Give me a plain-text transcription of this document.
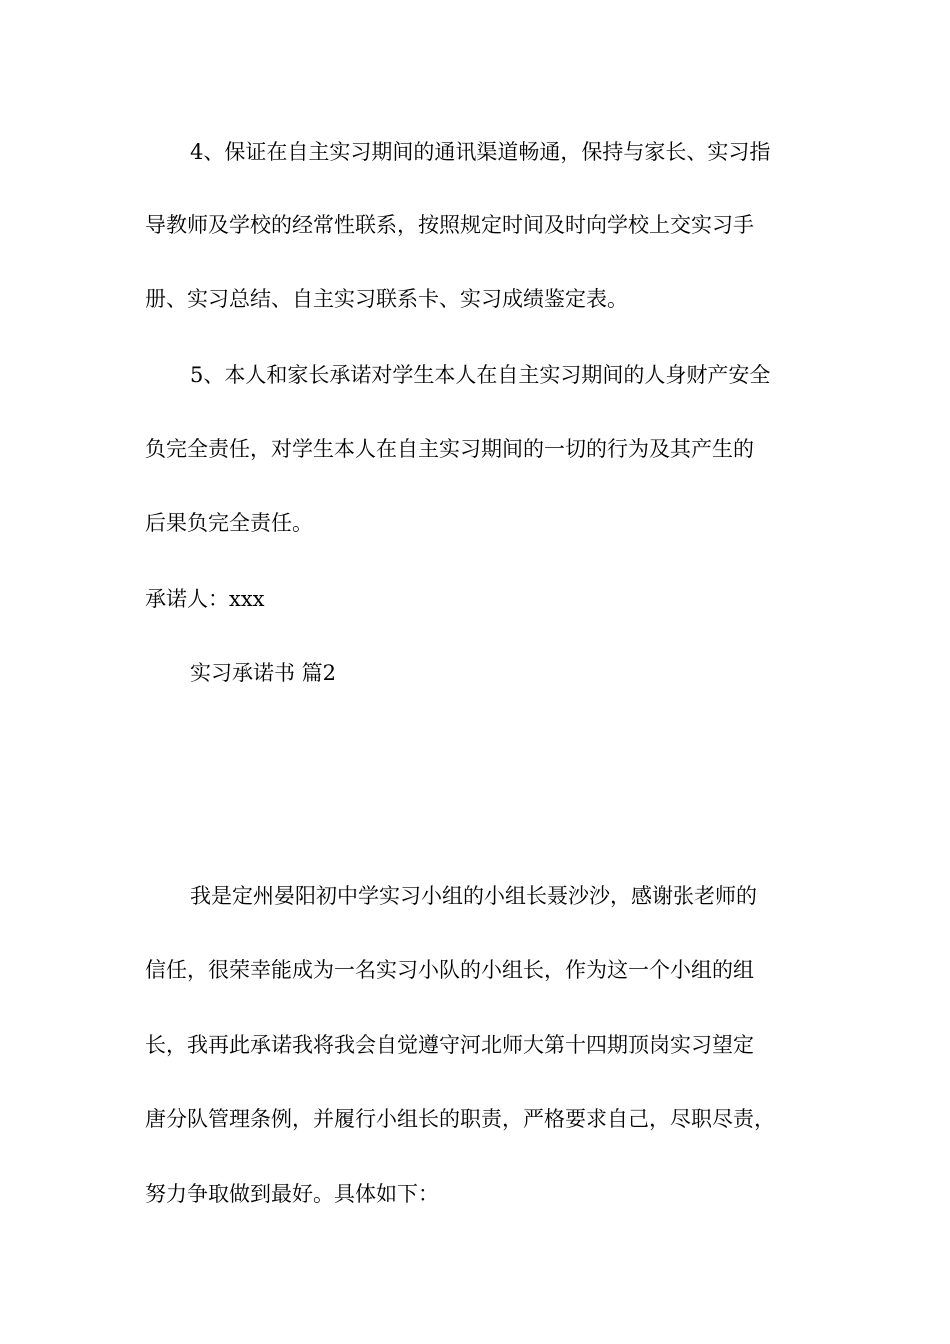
4、保证在自主实习期间的通讯渠道畅通，保持与家长、实习指
导教师及学校的经常性联系，按照规定时间及时向学校上交实习手
册、实习总结、自主实习联系卡、实习成绩鉴定表。
5、本人和家长承诺对学生本人在自主实习期间的人身财产安全
负完全责任，对学生本人在自主实习期间的一切的行为及其产生的
后果负完全责任。
承诺人：xxx
实习承诺书 篇2
我是定州晏阳初中学实习小组的小组长聂沙沙，感谢张老师的
信任，很荣幸能成为一名实习小队的小组长，作为这一个小组的组
长，我再此承诺我将我会自觉遵守河北师大第十四期顶岗实习望定
唐分队管理条例，并履行小组长的职责，严格要求自己，尽职尽责，
努力争取做到最好。具体如下：
